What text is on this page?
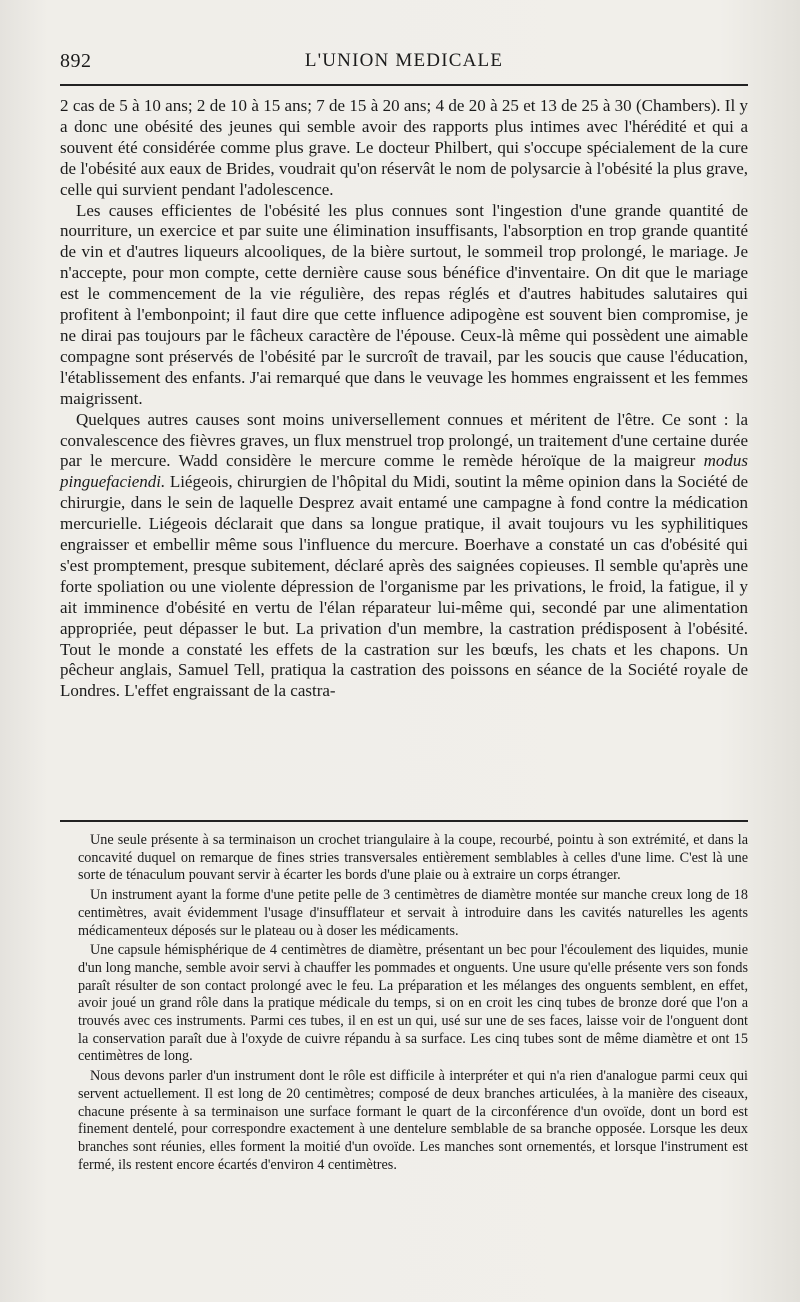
892	L'UNION MEDICALE

2 cas de 5 à 10 ans; 2 de 10 à 15 ans; 7 de 15 à 20 ans; 4 de 20 à 25 et 13 de 25 à 30 (Chambers). Il y a donc une obésité des jeunes qui semble avoir des rapports plus intimes avec l'hérédité et qui a souvent été considérée comme plus grave. Le docteur Philbert, qui s'occupe spécialement de la cure de l'obésité aux eaux de Brides, voudrait qu'on réservât le nom de polysarcie à l'obésité la plus grave, celle qui survient pendant l'adolescence.

Les causes efficientes de l'obésité les plus connues sont l'ingestion d'une grande quantité de nourriture, un exercice et par suite une élimination insuffisants, l'absorption en trop grande quantité de vin et d'autres liqueurs alcooliques, de la bière surtout, le sommeil trop prolongé, le mariage. Je n'accepte, pour mon compte, cette dernière cause sous bénéfice d'inventaire. On dit que le mariage est le commencement de la vie régulière, des repas réglés et d'autres habitudes salutaires qui profitent à l'embonpoint; il faut dire que cette influence adipogène est souvent bien compromise, je ne dirai pas toujours par le fâcheux caractère de l'épouse. Ceux-là même qui possèdent une aimable compagne sont préservés de l'obésité par le surcroît de travail, par les soucis que cause l'éducation, l'établissement des enfants. J'ai remarqué que dans le veuvage les hommes engraissent et les femmes maigrissent.

Quelques autres causes sont moins universellement connues et méritent de l'être. Ce sont : la convalescence des fièvres graves, un flux menstruel trop prolongé, un traitement d'une certaine durée par le mercure. Wadd considère le mercure comme le remède héroïque de la maigreur modus pinguefaciendi. Liégeois, chirurgien de l'hôpital du Midi, soutint la même opinion dans la Société de chirurgie, dans le sein de laquelle Desprez avait entamé une campagne à fond contre la médication mercurielle. Liégeois déclarait que dans sa longue pratique, il avait toujours vu les syphilitiques engraisser et embellir même sous l'influence du mercure. Boerhave a constaté un cas d'obésité qui s'est promptement, presque subitement, déclaré après des saignées copieuses. Il semble qu'après une forte spoliation ou une violente dépression de l'organisme par les privations, le froid, la fatigue, il y ait imminence d'obésité en vertu de l'élan réparateur lui-même qui, secondé par une alimentation appropriée, peut dépasser le but. La privation d'un membre, la castration prédisposent à l'obésité. Tout le monde a constaté les effets de la castration sur les bœufs, les chats et les chapons. Un pêcheur anglais, Samuel Tell, pratiqua la castration des poissons en séance de la Société royale de Londres. L'effet engraissant de la castra-

Une seule présente à sa terminaison un crochet triangulaire à la coupe, recourbé, pointu à son extrémité, et dans la concavité duquel on remarque de fines stries transversales entièrement semblables à celles d'une lime. C'est là une sorte de ténaculum pouvant servir à écarter les bords d'une plaie ou à extraire un corps étranger.

Un instrument ayant la forme d'une petite pelle de 3 centimètres de diamètre montée sur manche creux long de 18 centimètres, avait évidemment l'usage d'insufflateur et servait à introduire dans les cavités naturelles les agents médicamenteux déposés sur le plateau ou à doser les médicaments.

Une capsule hémisphérique de 4 centimètres de diamètre, présentant un bec pour l'écoulement des liquides, munie d'un long manche, semble avoir servi à chauffer les pommades et onguents. Une usure qu'elle présente vers son fonds paraît résulter de son contact prolongé avec le feu. La préparation et les mélanges des onguents semblent, en effet, avoir joué un grand rôle dans la pratique médicale du temps, si on en croit les cinq tubes de bronze doré que l'on a trouvés avec ces instruments. Parmi ces tubes, il en est un qui, usé sur une de ses faces, laisse voir de l'onguent dont la conservation paraît due à l'oxyde de cuivre répandu à sa surface. Les cinq tubes sont de même diamètre et ont 15 centimètres de long.

Nous devons parler d'un instrument dont le rôle est difficile à interpréter et qui n'a rien d'analogue parmi ceux qui servent actuellement. Il est long de 20 centimètres; composé de deux branches articulées, à la manière des ciseaux, chacune présente à sa terminaison une surface formant le quart de la circonférence d'un ovoïde, dont un bord est finement dentelé, pour correspondre exactement à une dentelure semblable de sa branche opposée. Lorsque les deux branches sont réunies, elles forment la moitié d'un ovoïde. Les manches sont ornementés, et lorsque l'instrument est fermé, ils restent encore écartés d'environ 4 centimètres.
